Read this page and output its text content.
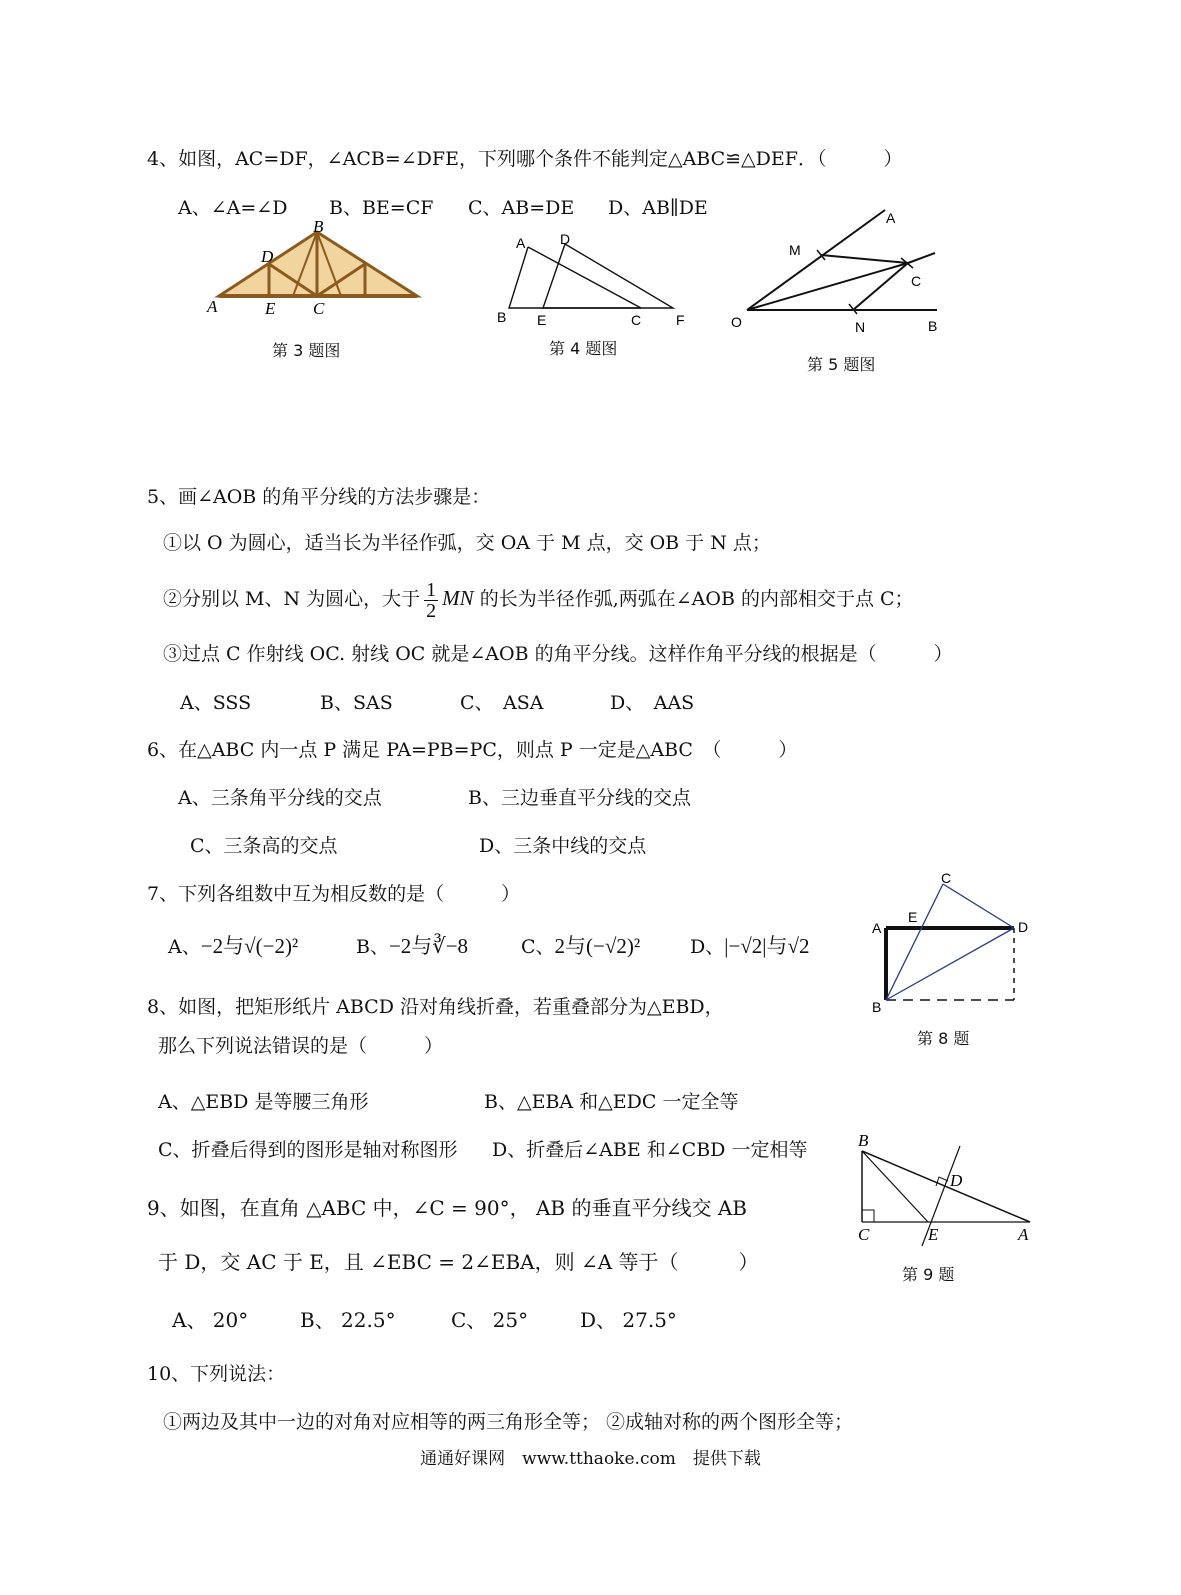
4、如图，AC=DF，∠ACB=∠DFE，下列哪个条件不能判定△ABC≌△DEF．（　　　）
A、∠A=∠D B、BE=CF C、AB=DE D、AB∥DE
A
B
D
E C
第 3 题图
A D
B E	C F
第 4 题图
A
M
C
O	N	B
第 5 题图
5、画∠AOB 的角平分线的方法步骤是：
①以 O 为圆心，适当长为半径作弧，交 OA 于 M 点，交 OB 于 N 点；
②分别以 M、N 为圆心，大于 $\frac{1}{2}$ MN 的长为半径作弧,两弧在∠AOB 的内部相交于点 C；
③过点 C 作射线 OC. 射线 OC 就是∠AOB 的角平分线。这样作角平分线的根据是（　　　）
A、SSS	B、SAS	C、　ASA	D、　AAS
6、在△ABC 内一点 P 满足 PA=PB=PC，则点 P 一定是△ABC　（　　　）
A、三条角平分线的交点	B、三边垂直平分线的交点
C、三条高的交点	D、三条中线的交点
7、下列各组数中互为相反数的是（　　　）
A、−2与√(−2)²	B、−2与∛−8	C、2与(−√2)²	D、|−√2|与√2
C
A
E
D
B
第 8 题
8、如图，把矩形纸片 ABCD 沿对角线折叠，若重叠部分为△EBD，
那么下列说法错误的是（　　　）
A、△EBD 是等腰三角形	B、△EBA 和△EDC 一定全等
C、折叠后得到的图形是轴对称图形 D、折叠后∠ABE 和∠CBD 一定相等	B
D
C	E	A
第 9 题
9、如图，在直角 △ABC 中，∠C = 90°， AB 的垂直平分线交 AB
于 D，交 AC 于 E，且 ∠EBC = 2∠EBA，则 ∠A 等于（　　　）
A、 20°	B、 22.5°	C、 25°	D、 27.5°
10、下列说法：
①两边及其中一边的对角对应相等的两三角形全等； ②成轴对称的两个图形全等；
通通好课网　www.tthaoke.com　提供下载
